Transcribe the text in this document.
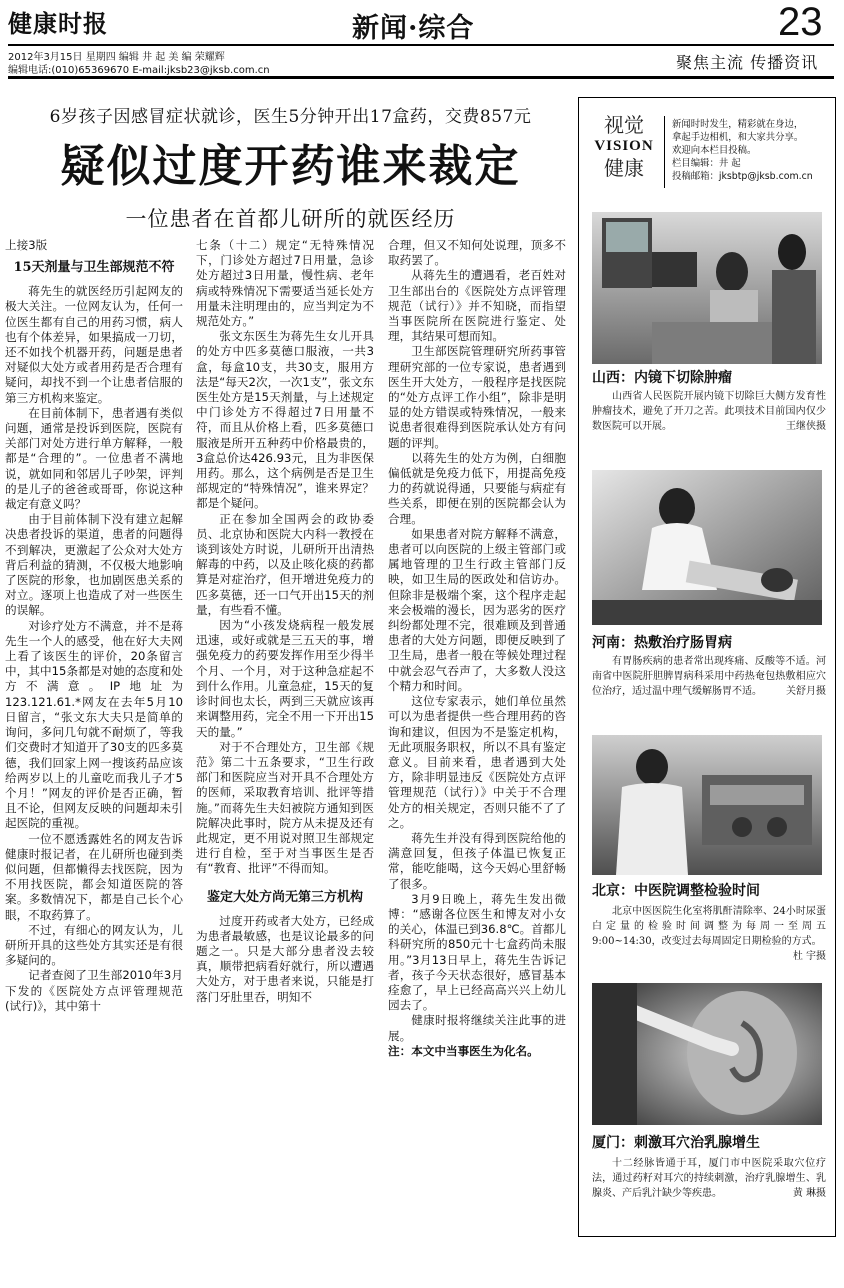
健康时报	新闻·综合	23
2012年3月15日 星期四 编辑 井 起 美 编 荣耀辉
编辑电话:(010)65369670 E-mail:jksb23@jksb.com.cn	聚焦主流 传播资讯
6岁孩子因感冒症状就诊，医生5分钟开出17盒药，交费857元
疑似过度开药谁来裁定
一位患者在首都儿研所的就医经历

上接3版

15天剂量与卫生部规范不符

蒋先生的就医经历引起网友的极大关注。一位网友认为，任何一位医生都有自己的用药习惯，病人也有个体差异，如果搞成一刀切，还不如找个机器开药，问题是患者对疑似大处方或者用药是否合理有疑问，却找不到一个让患者信服的第三方机构来鉴定。

在目前体制下，患者遇有类似问题，通常是投诉到医院，医院有关部门对处方进行单方解释，一般都是“合理的”。一位患者不满地说，就如同和邻居儿子吵架，评判的是儿子的爸爸或哥哥，你说这种裁定有意义吗？

由于目前体制下没有建立起解决患者投诉的渠道，患者的问题得不到解决，更激起了公众对大处方背后利益的猜测，不仅极大地影响了医院的形象，也加剧医患关系的对立。逐项上也造成了对一些医生的误解。

对诊疗处方不满意，并不是蒋先生一个人的感受，他在好大夫网上看了该医生的评价，20条留言中，其中15条都是对她的态度和处方不满意。IP地址为123.121.61.*网友在去年5月10日留言，“张文东大夫只是简单的询问，多问几句就不耐烦了，等我们交费时才知道开了30支的匹多莫德，我们回家上网一搜该药品应该给两岁以上的儿童吃而我儿子才5个月！”网友的评价是否正确，暂且不论，但网友反映的问题却未引起医院的重视。

一位不愿透露姓名的网友告诉健康时报记者，在儿研所也碰到类似问题，但都懒得去找医院，因为不用找医院，都会知道医院的答案。多数情况下，都是自己长个心眼，不取药算了。

不过，有细心的网友认为，儿研所开具的这些处方其实还是有很多疑问的。

记者查阅了卫生部2010年3月下发的《医院处方点评管理规范(试行)》，其中第十

七条（十二）规定“无特殊情况下，门诊处方超过7日用量，急诊处方超过3日用量，慢性病、老年病或特殊情况下需要适当延长处方用量未注明理由的，应当判定为不规范处方。”

张文东医生为蒋先生女儿开具的处方中匹多莫德口服液，一共3盒，每盒10支，共30支，服用方法是“每天2次，一次1支”，张文东医生处方是15天剂量，与上述规定中门诊处方不得超过7日用量不符，而且从价格上看，匹多莫德口服液是所开五种药中价格最贵的，3盒总价达426.93元，且为非医保用药。那么，这个病例是否是卫生部规定的“特殊情况”，谁来界定？都是个疑问。

正在参加全国两会的政协委员、北京协和医院大内科一教授在谈到该处方时说，儿研所开出清热解毒的中药，以及止咳化痰的药都算是对症治疗，但开增进免疫力的匹多莫德，还一口气开出15天的剂量，有些看不懂。

因为“小孩发烧病程一般发展迅速，或好或就是三五天的事，增强免疫力的药要发挥作用至少得半个月、一个月，对于这种急症起不到什么作用。儿童急症，15天的复诊时间也太长，两到三天就应该再来调整用药，完全不用一下开出15天的量。”

对于不合理处方，卫生部《规范》第二十五条要求，“卫生行政部门和医院应当对开具不合理处方的医师，采取教育培训、批评等措施。”而蒋先生夫妇被院方通知到医院解决此事时，院方从未提及还有此规定，更不用说对照卫生部规定进行自检，至于对当事医生是否有“教育、批评”不得而知。

鉴定大处方尚无第三方机构

过度开药或者大处方，已经成为患者最敏感，也是议论最多的问题之一。只是大部分患者没去较真，顺带把病看好就行，所以遭遇大处方，对于患者来说，只能是打落门牙肚里吞，明知不

合理，但又不知何处说理，顶多不取药罢了。

从蒋先生的遭遇看，老百姓对卫生部出台的《医院处方点评管理规范（试行）》并不知晓，而指望当事医院所在医院进行鉴定、处理，其结果可想而知。

卫生部医院管理研究所药事管理研究部的一位专家说，患者遇到医生开大处方，一般程序是找医院的“处方点评工作小组”，除非是明显的处方错误或特殊情况，一般来说患者很难得到医院承认处方有问题的评判。

以蒋先生的处方为例，白细胞偏低就是免疫力低下，用提高免疫力的药就说得通，只要能与病症有些关系，即便在别的医院都会认为合理。

如果患者对院方解释不满意，患者可以向医院的上级主管部门或属地管理的卫生行政主管部门反映，如卫生局的医政处和信访办。但除非是极端个案，这个程序走起来会极端的漫长，因为恶劣的医疗纠纷都处理不完，很难顾及到普通患者的大处方问题，即便反映到了卫生局，患者一般在等候处理过程中就会忍气吞声了，大多数人没这个精力和时间。

这位专家表示，她们单位虽然可以为患者提供一些合理用药的咨询和建议，但因为不是鉴定机构，无此项服务职权，所以不具有鉴定意义。目前来看，患者遇到大处方，除非明显违反《医院处方点评管理规范（试行）》中关于不合理处方的相关规定，否则只能不了了之。

蒋先生并没有得到医院给他的满意回复，但孩子体温已恢复正常，能吃能喝，这今天妈心里舒畅了很多。

3月9日晚上，蒋先生发出微博：“感谢各位医生和博友对小女的关心，体温已到36.8℃。首都儿科研究所的850元十七盒药尚未服用。”3月13日早上，蒋先生告诉记者，孩子今天状态很好，感冒基本痊愈了，早上已经高高兴兴上幼儿园去了。

健康时报将继续关注此事的进展。

注：本文中当事医生为化名。

视觉
VISION
健康
新闻时时发生，精彩就在身边，
拿起手边相机，和大家共分享。
欢迎向本栏目投稿。
栏目编辑：井 起
投稿邮箱：jksbtp@jksb.com.cn
山西：内镜下切除肿瘤
山西省人民医院开展内镜下切除巨大侧方发育性肿瘤技术，避免了开刀之苦。此项技术目前国内仅少数医院可以开展。	王继侠摄
河南：热敷治疗肠胃病
有胃肠疾病的患者常出现疼痛、反酸等不适。河南省中医院肝胆脾胃病科采用中药热奄包热敷相应穴位治疗，适过温中理气缓解肠胃不适。 关舒月摄
北京：中医院调整检验时间
北京中医医院生化室将肌酐清除率、24小时尿蛋白定量的检验时间调整为每周一至周五9:00~14:30，改变过去每周固定日期检验的方式。
杜 宇摄
厦门：刺激耳穴治乳腺增生
十二经脉皆通于耳，厦门市中医院采取穴位疗法，通过药籽对耳穴的持续刺激，治疗乳腺增生、乳腺炎、产后乳汁缺少等疾患。	黄 琳摄
